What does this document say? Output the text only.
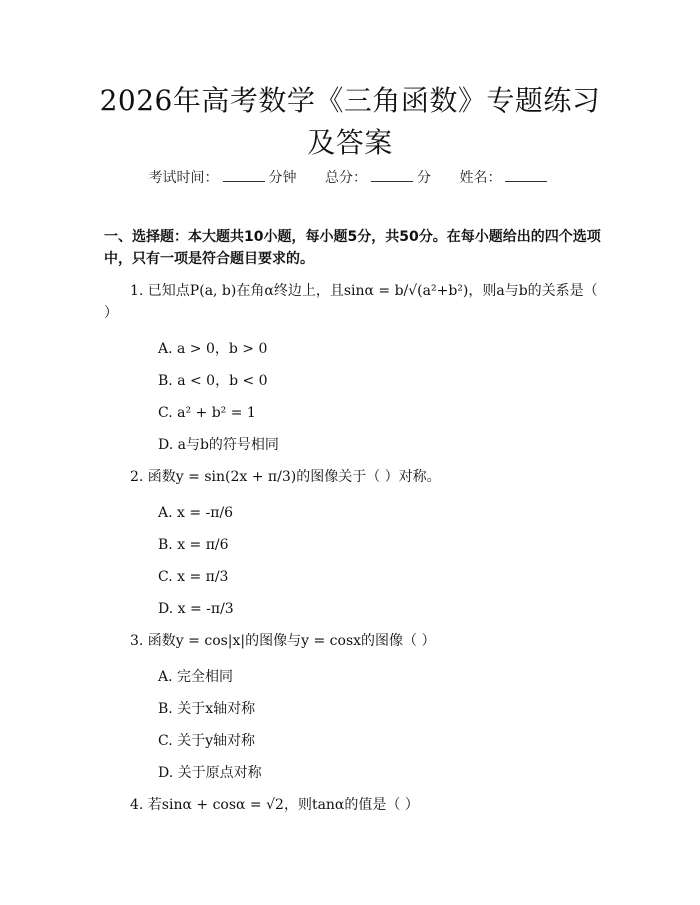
2026年高考数学《三角函数》专题练习及答案
考试时间：	分钟 总分：	分 姓名：

一、选择题：本大题共10小题，每小题5分，共50分。在每小题给出的四个选项中，只有一项是符合题目要求的。

1. 已知点P(a, b)在角α终边上，且sinα = b/√(a²+b²)，则a与b的关系是（ ）

A. a > 0，b > 0
B. a < 0，b < 0
C. a² + b² = 1
D. a与b的符号相同

2. 函数y = sin(2x + π/3)的图像关于（ ）对称。

A. x = -π/6
B. x = π/6
C. x = π/3
D. x = -π/3

3. 函数y = cos|x|的图像与y = cosx的图像（ ）

A. 完全相同
B. 关于x轴对称
C. 关于y轴对称
D. 关于原点对称

4. 若sinα + cosα = √2，则tanα的值是（ ）
